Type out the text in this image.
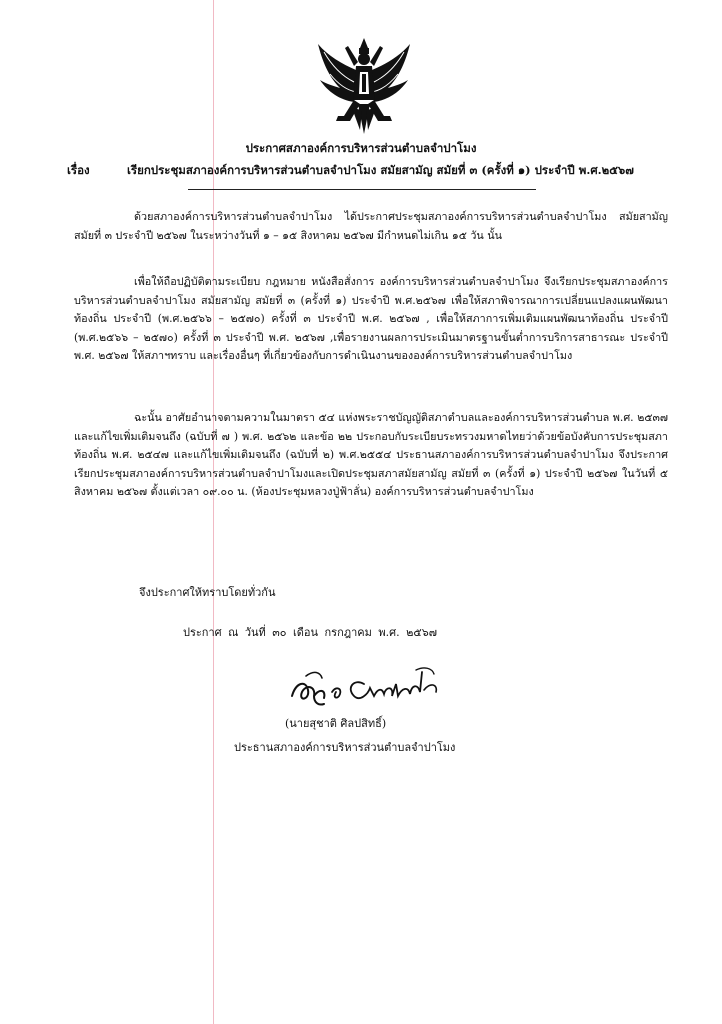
ประกาศสภาองค์การบริหารส่วนตำบลจำปาโมง
เรื่อง	เรียกประชุมสภาองค์การบริหารส่วนตำบลจำปาโมง สมัยสามัญ สมัยที่ ๓ (ครั้งที่ ๑) ประจำปี พ.ศ.๒๕๖๗
ด้วยสภาองค์การบริหารส่วนตำบลจำปาโมง ได้ประกาศประชุมสภาองค์การบริหารส่วนตำบลจำปาโมง สมัยสามัญ สมัยที่ ๓ ประจำปี ๒๕๖๗ ในระหว่างวันที่ ๑ – ๑๕ สิงหาคม ๒๕๖๗ มีกำหนดไม่เกิน ๑๕ วัน นั้น
เพื่อให้ถือปฏิบัติตามระเบียบ กฎหมาย หนังสือสั่งการ องค์การบริหารส่วนตำบลจำปาโมง จึงเรียกประชุมสภาองค์การบริหารส่วนตำบลจำปาโมง สมัยสามัญ สมัยที่ ๓ (ครั้งที่ ๑) ประจำปี พ.ศ.๒๕๖๗ เพื่อให้สภาพิจารณาการเปลี่ยนแปลงแผนพัฒนาท้องถิ่น ประจำปี (พ.ศ.๒๕๖๖ – ๒๕๗๐) ครั้งที่ ๓ ประจำปี พ.ศ. ๒๕๖๗ , เพื่อให้สภาการเพิ่มเติมแผนพัฒนาท้องถิ่น ประจำปี (พ.ศ.๒๕๖๖ – ๒๕๗๐) ครั้งที่ ๓ ประจำปี พ.ศ. ๒๕๖๗ ,เพื่อรายงานผลการประเมินมาตรฐานขั้นต่ำการบริการสาธารณะ ประจำปี พ.ศ. ๒๕๖๗ ให้สภาฯทราบ และเรื่องอื่นๆ ที่เกี่ยวข้องกับการดำเนินงานขององค์การบริหารส่วนตำบลจำปาโมง
ฉะนั้น อาศัยอำนาจตามความในมาตรา ๕๔ แห่งพระราชบัญญัติสภาตำบลและองค์การบริหารส่วนตำบล พ.ศ. ๒๕๓๗ และแก้ไขเพิ่มเติมจนถึง (ฉบับที่ ๗ ) พ.ศ. ๒๕๖๒ และข้อ ๒๒ ประกอบกับระเบียบระทรวงมหาดไทยว่าด้วยข้อบังคับการประชุมสภาท้องถิ่น พ.ศ. ๒๕๔๗ และแก้ไขเพิ่มเติมจนถึง (ฉบับที่ ๒) พ.ศ.๒๕๕๔ ประธานสภาองค์การบริหารส่วนตำบลจำปาโมง จึงประกาศเรียกประชุมสภาองค์การบริหารส่วนตำบลจำปาโมงและเปิดประชุมสภาสมัยสามัญ สมัยที่ ๓ (ครั้งที่ ๑) ประจำปี ๒๕๖๗ ในวันที่ ๕ สิงหาคม ๒๕๖๗ ตั้งแต่เวลา ๐๙.๐๐ น. (ห้องประชุมหลวงปู่ฟ้าลั่น) องค์การบริหารส่วนตำบลจำปาโมง
จึงประกาศให้ทราบโดยทั่วกัน
ประกาศ ณ วันที่ ๓๐ เดือน กรกฎาคม พ.ศ. ๒๕๖๗
(นายสุชาติ ศิลปสิทธิ์)
ประธานสภาองค์การบริหารส่วนตำบลจำปาโมง
